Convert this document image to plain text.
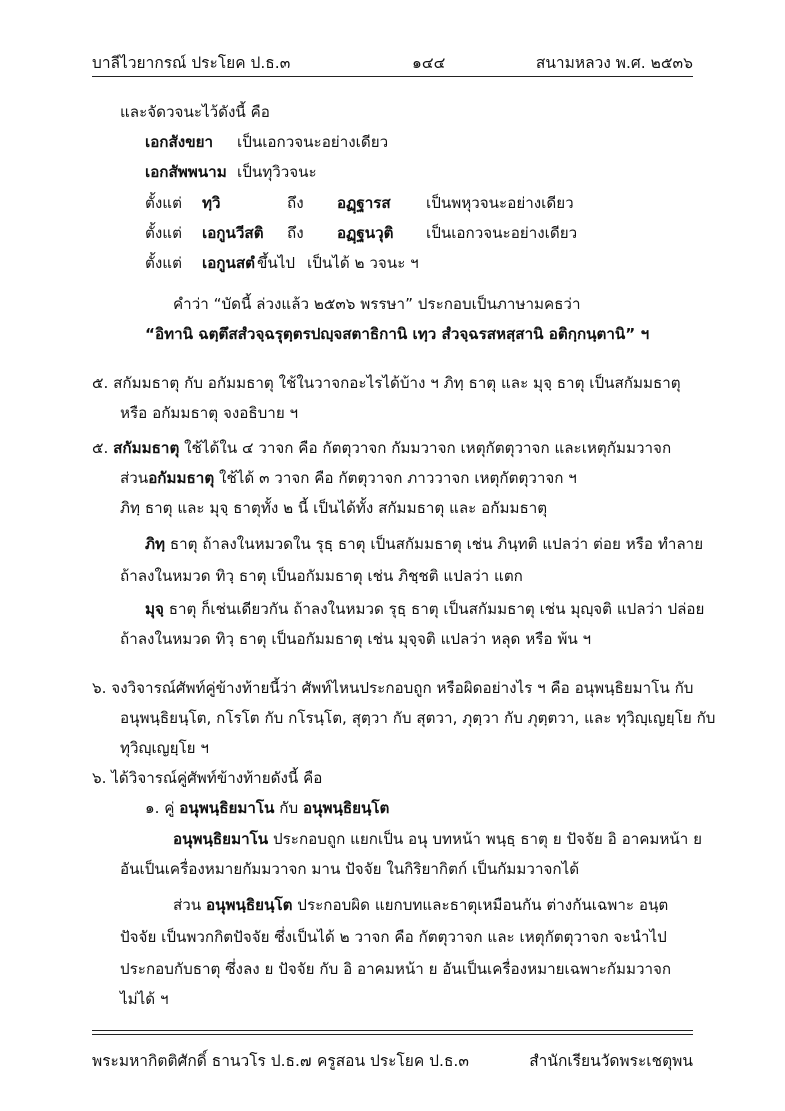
บาลีไวยากรณ์ ประโยค ป.ธ.๓	๑๔๔	สนามหลวง พ.ศ. ๒๕๓๖
และจัดวจนะไว้ดังนี้ คือ
เอกสังขยา เป็นเอกวจนะอย่างเดียว
เอกสัพพนาม เป็นทุวิวจนะ
ตั้งแต่ ทฺวิ	ถึง อฏฺฐารส เป็นพหุวจนะอย่างเดียว
ตั้งแต่ เอกูนวีสติ ถึง อฏฺฐนวุติ เป็นเอกวจนะอย่างเดียว
ตั้งแต่ เอกูนสตํ ขึ้นไป เป็นได้ ๒ วจนะ ฯ
คำว่า “บัดนี้ ล่วงแล้ว ๒๕๓๖ พรรษา” ประกอบเป็นภาษามคธว่า
“อิทานิ ฉตฺตึสสํวจฺฉรุตฺตรปญฺจสตาธิกานิ เทฺว สํวจฺฉรสหสฺสานิ อติกฺกนฺตานิ” ฯ
๕. สกัมมธาตุ กับ อกัมมธาตุ ใช้ในวาจกอะไรได้บ้าง ฯ ภิทฺ ธาตุ และ มุจฺ ธาตุ เป็นสกัมมธาตุ
หรือ อกัมมธาตุ จงอธิบาย ฯ
๕. สกัมมธาตุ ใช้ได้ใน ๔ วาจก คือ กัตตุวาจก กัมมวาจก เหตุกัตตุวาจก และเหตุกัมมวาจก
ส่วนอกัมมธาตุ ใช้ได้ ๓ วาจก คือ กัตตุวาจก ภาววาจก เหตุกัตตุวาจก ฯ
ภิทฺ ธาตุ และ มุจฺ ธาตุทั้ง ๒ นี้ เป็นได้ทั้ง สกัมมธาตุ และ อกัมมธาตุ
ภิทฺ ธาตุ ถ้าลงในหมวดใน รุธฺ ธาตุ เป็นสกัมมธาตุ เช่น ภินฺทติ แปลว่า ต่อย หรือ ทำลาย
ถ้าลงในหมวด ทิวฺ ธาตุ เป็นอกัมมธาตุ เช่น ภิชฺชติ แปลว่า แตก
มุจฺ ธาตุ ก็เช่นเดียวกัน ถ้าลงในหมวด รุธฺ ธาตุ เป็นสกัมมธาตุ เช่น มุญฺจติ แปลว่า ปล่อย
ถ้าลงในหมวด ทิวฺ ธาตุ เป็นอกัมมธาตุ เช่น มุจฺจติ แปลว่า หลุด หรือ พ้น ฯ
๖. จงวิจารณ์ศัพท์คู่ข้างท้ายนี้ว่า ศัพท์ไหนประกอบถูก หรือผิดอย่างไร ฯ คือ อนุพนฺธิยมาโน กับ
อนุพนฺธิยนฺโต, กโรโต กับ กโรนฺโต, สุตฺวา กับ สุตวา, ภุตฺวา กับ ภุตฺตวา, และ ทุวิญฺเญยฺโย กับ
ทุวิญฺเญยฺโย ฯ
๖. ได้วิจารณ์คู่ศัพท์ข้างท้ายดังนี้ คือ
๑. คู่ อนุพนฺธิยมาโน กับ อนุพนฺธิยนฺโต
อนุพนฺธิยมาโน ประกอบถูก แยกเป็น อนุ บทหน้า พนฺธฺ ธาตุ ย ปัจจัย อิ อาคมหน้า ย
อันเป็นเครื่องหมายกัมมวาจก มาน ปัจจัย ในกิริยากิตก์ เป็นกัมมวาจกได้
ส่วน อนุพนฺธิยนฺโต ประกอบผิด แยกบทและธาตุเหมือนกัน ต่างกันเฉพาะ อนฺต
ปัจจัย เป็นพวกกิตปัจจัย ซึ่งเป็นได้ ๒ วาจก คือ กัตตุวาจก และ เหตุกัตตุวาจก จะนำไป
ประกอบกับธาตุ ซึ่งลง ย ปัจจัย กับ อิ อาคมหน้า ย อันเป็นเครื่องหมายเฉพาะกัมมวาจก
ไม่ได้ ฯ
พระมหากิตติศักดิ์ ธานวโร ป.ธ.๗ ครูสอน ประโยค ป.ธ.๓	สำนักเรียนวัดพระเชตุพน
